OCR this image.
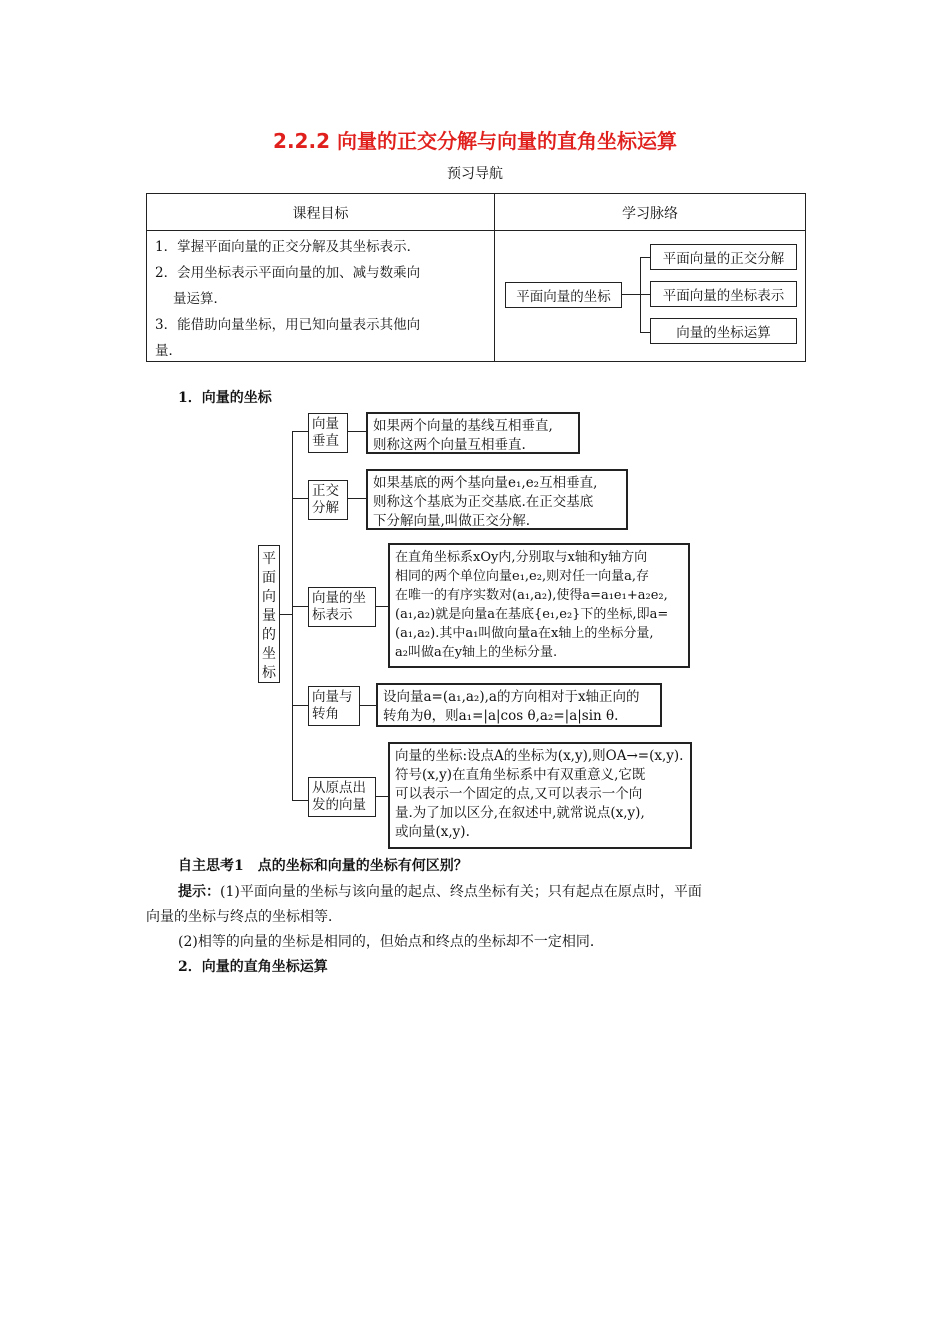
2.2.2 向量的正交分解与向量的直角坐标运算
预习导航
课程目标	学习脉络

1．掌握平面向量的正交分解及其坐标表示．

2．会用坐标表示平面向量的加、减与数乘向

量运算．

3．能借助向量坐标，用已知向量表示其他向

量．

平面向量的坐标
平面向量的正交分解
平面向量的坐标表示
向量的坐标运算
1．向量的坐标
平
面
向
量
的
坐
标
向量
垂直
如果两个向量的基线互相垂直,
则称这两个向量互相垂直.
正交
分解
如果基底的两个基向量e₁,e₂互相垂直,
则称这个基底为正交基底.在正交基底
下分解向量,叫做正交分解.
向量的坐
标表示
在直角坐标系xOy内,分别取与x轴和y轴方向
相同的两个单位向量e₁,e₂,则对任一向量a,存
在唯一的有序实数对(a₁,a₂),使得a=a₁e₁+a₂e₂,
(a₁,a₂)就是向量a在基底{e₁,e₂}下的坐标,即a=
(a₁,a₂).其中a₁叫做向量a在x轴上的坐标分量,
a₂叫做a在y轴上的坐标分量.
向量与
转角
设向量a=(a₁,a₂),a的方向相对于x轴正向的
转角为θ，则a₁=|a|cos θ,a₂=|a|sin θ.
从原点出
发的向量
向量的坐标:设点A的坐标为(x,y),则OA→=(x,y).
符号(x,y)在直角坐标系中有双重意义,它既
可以表示一个固定的点,又可以表示一个向
量.为了加以区分,在叙述中,就常说点(x,y),
或向量(x,y).
自主思考1　点的坐标和向量的坐标有何区别？
提示：(1)平面向量的坐标与该向量的起点、终点坐标有关；只有起点在原点时，平面
向量的坐标与终点的坐标相等．
(2)相等的向量的坐标是相同的，但始点和终点的坐标却不一定相同．
2．向量的直角坐标运算
